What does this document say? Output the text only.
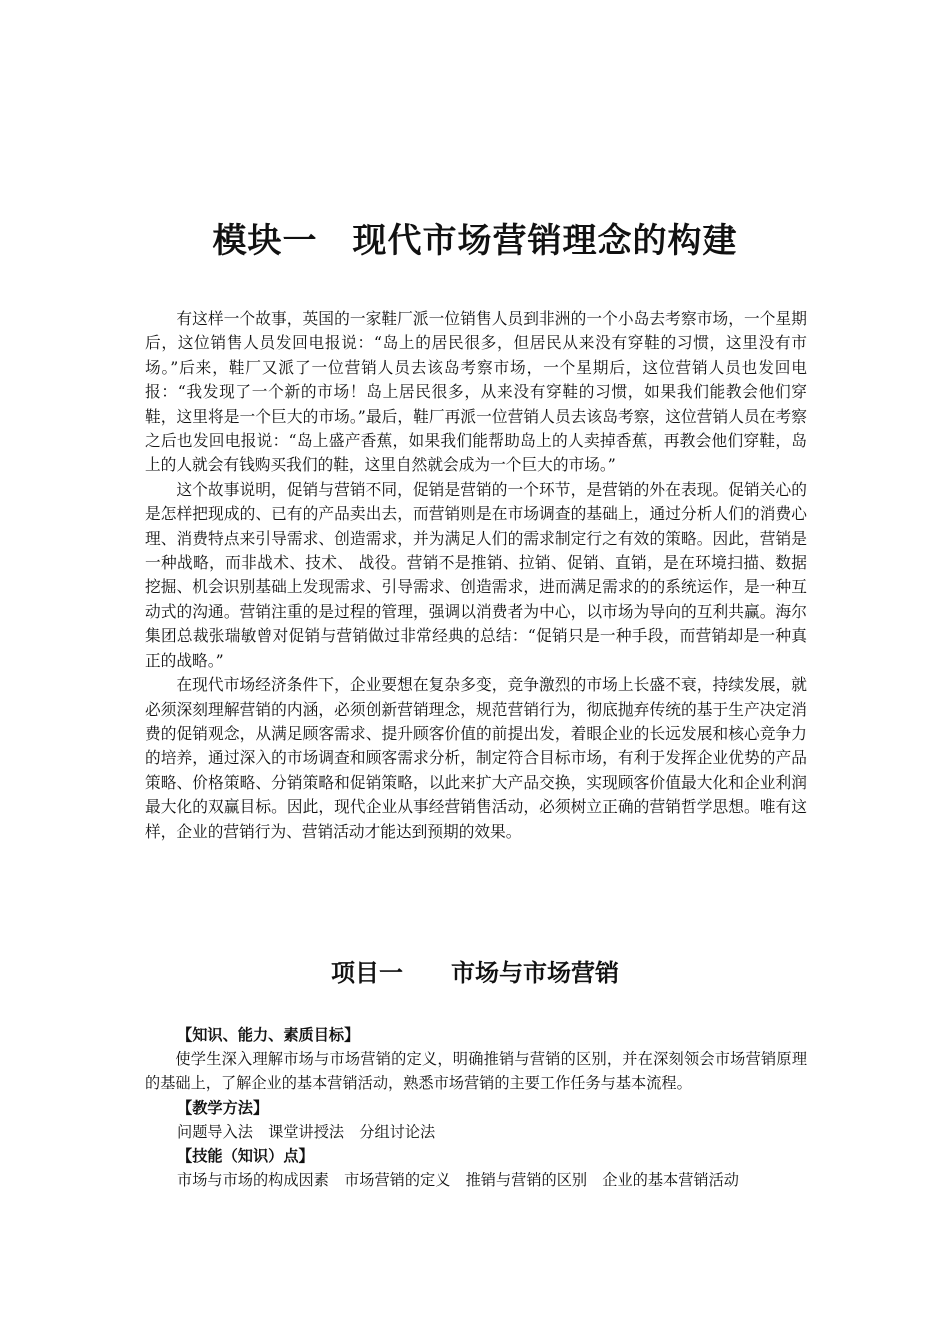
模块一　现代市场营销理念的构建

有这样一个故事，英国的一家鞋厂派一位销售人员到非洲的一个小岛去考察市场，一个星期后，这位销售人员发回电报说：“岛上的居民很多，但居民从来没有穿鞋的习惯，这里没有市场。”后来，鞋厂又派了一位营销人员去该岛考察市场，一个星期后，这位营销人员也发回电报：“我发现了一个新的市场！岛上居民很多，从来没有穿鞋的习惯，如果我们能教会他们穿鞋，这里将是一个巨大的市场。”最后，鞋厂再派一位营销人员去该岛考察，这位营销人员在考察之后也发回电报说：“岛上盛产香蕉，如果我们能帮助岛上的人卖掉香蕉，再教会他们穿鞋，岛上的人就会有钱购买我们的鞋，这里自然就会成为一个巨大的市场。”

这个故事说明，促销与营销不同，促销是营销的一个环节，是营销的外在表现。促销关心的是怎样把现成的、已有的产品卖出去，而营销则是在市场调查的基础上，通过分析人们的消费心理、消费特点来引导需求、创造需求，并为满足人们的需求制定行之有效的策略。因此，营销是一种战略，而非战术、技术、 战役。营销不是推销、拉销、促销、直销，是在环境扫描、数据挖掘、机会识别基础上发现需求、引导需求、创造需求，进而满足需求的的系统运作，是一种互动式的沟通。营销注重的是过程的管理，强调以消费者为中心，以市场为导向的互利共赢。海尔集团总裁张瑞敏曾对促销与营销做过非常经典的总结：“促销只是一种手段，而营销却是一种真正的战略。”

在现代市场经济条件下，企业要想在复杂多变，竞争激烈的市场上长盛不衰，持续发展，就必须深刻理解营销的内涵，必须创新营销理念，规范营销行为，彻底抛弃传统的基于生产决定消费的促销观念，从满足顾客需求、提升顾客价值的前提出发，着眼企业的长远发展和核心竞争力的培养，通过深入的市场调查和顾客需求分析，制定符合目标市场，有利于发挥企业优势的产品策略、价格策略、分销策略和促销策略，以此来扩大产品交换，实现顾客价值最大化和企业利润最大化的双赢目标。因此，现代企业从事经营销售活动，必须树立正确的营销哲学思想。唯有这样，企业的营销行为、营销活动才能达到预期的效果。

项目一　　市场与市场营销

【知识、能力、素质目标】

使学生深入理解市场与市场营销的定义，明确推销与营销的区别，并在深刻领会市场营销原理的基础上，了解企业的基本营销活动，熟悉市场营销的主要工作任务与基本流程。

【教学方法】

问题导入法　课堂讲授法　分组讨论法

【技能（知识）点】

市场与市场的构成因素　市场营销的定义　推销与营销的区别　企业的基本营销活动
